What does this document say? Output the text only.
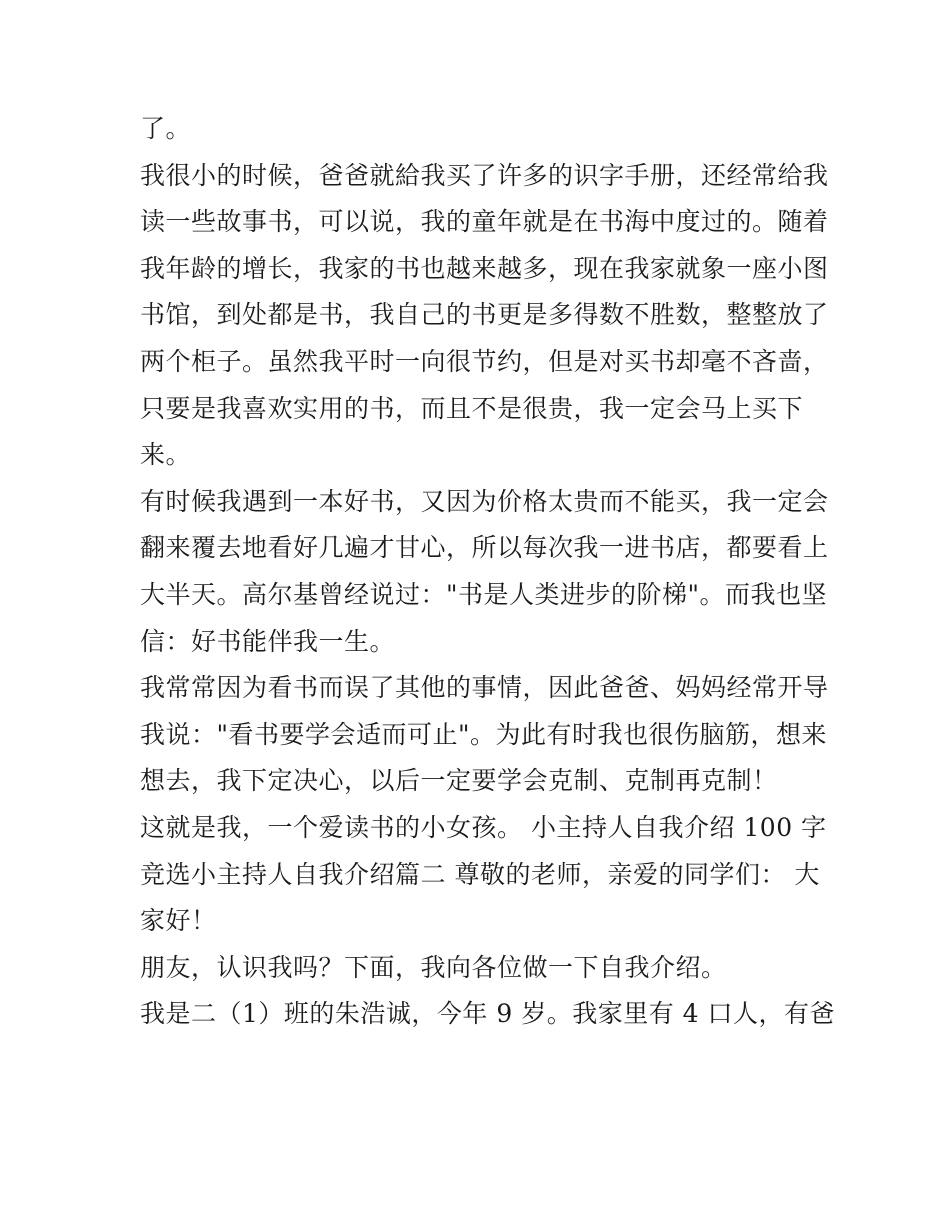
了。
我很小的时候，爸爸就給我买了许多的识字手册，还经常给我
读一些故事书，可以说，我的童年就是在书海中度过的。随着
我年龄的增长，我家的书也越来越多，现在我家就象一座小图
书馆，到处都是书，我自己的书更是多得数不胜数，整整放了
两个柜子。虽然我平时一向很节约，但是对买书却毫不吝啬，
只要是我喜欢实用的书，而且不是很贵，我一定会马上买下
来。
有时候我遇到一本好书，又因为价格太贵而不能买，我一定会
翻来覆去地看好几遍才甘心，所以每次我一进书店，都要看上
大半天。高尔基曾经说过："书是人类进步的阶梯"。而我也坚
信：好书能伴我一生。
我常常因为看书而误了其他的事情，因此爸爸、妈妈经常开导
我说："看书要学会适而可止"。为此有时我也很伤脑筋，想来
想去，我下定决心，以后一定要学会克制、克制再克制！
这就是我，一个爱读书的小女孩。 小主持人自我介绍 100 字
竞选小主持人自我介绍篇二 尊敬的老师，亲爱的同学们： 大
家好！
朋友，认识我吗？下面，我向各位做一下自我介绍。
我是二（1）班的朱浩诚，今年 9 岁。我家里有 4 口人，有爸
